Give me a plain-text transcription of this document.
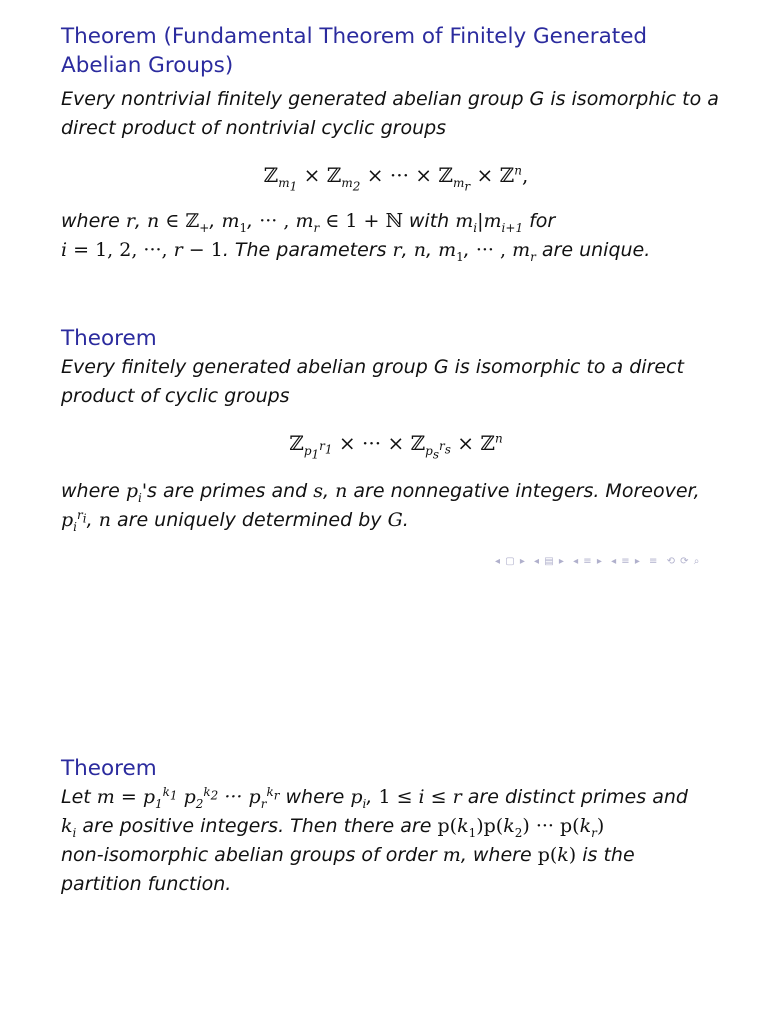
Theorem (Fundamental Theorem of Finitely Generated Abelian Groups)
Every nontrivial finitely generated abelian group G is isomorphic to a direct product of nontrivial cyclic groups
ℤ$_{m_1}$ × ℤ$_{m_2}$ × ··· × ℤ$_{m_r}$ × ℤ$^n$,
where r, n ∈ ℤ$_+$, $m_1$, ··· , $m_r$ ∈ 1 + ℕ with $m_i|m_{i+1}$ for
i = 1, 2, ···, r − 1. The parameters r, n, $m_1$, ··· , $m_r$ are unique.
Theorem
Every finitely generated abelian group G is isomorphic to a direct product of cyclic groups
ℤ$_{p_1^{r_1}}$ × ··· × ℤ$_{p_s^{r_s}}$ × ℤ$^n$
where $p_i's$ are primes and s, n are nonnegative integers. Moreover,
$p_i^{r_i}$, n are uniquely determined by G.
◂ ▢ ▸ ◂ ▤ ▸ ◂ ≡ ▸ ◂ ≡ ▸ ≡ ⟲ ⟳ ⌕
Theorem
Let $m = p_1^{k_1}$ $p_2^{k_2}$ ··· $p_r^{k_r}$ where $p_i$, 1 ≤ i ≤ r are distinct primes and
$k_i$ are positive integers. Then there are $p(k_1)p(k_2)$ ··· $p(k_r)$
non-isomorphic abelian groups of order m, where p(k) is the
partition function.
